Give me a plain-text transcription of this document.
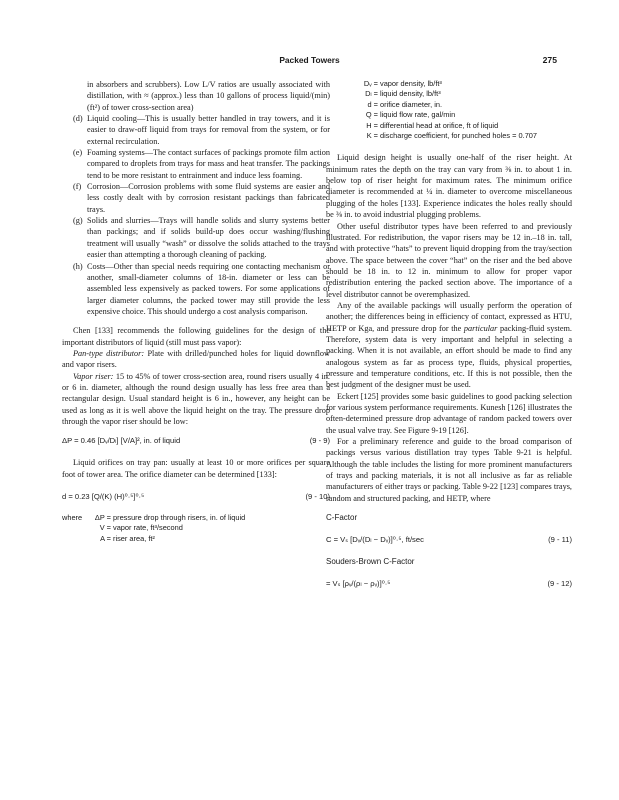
Packed Towers	275

in absorbers and scrubbers). Low L/V ratios are usually associated with distillation, with ≈ (approx.) less than 10 gallons of process liquid/(min)(ft²) of tower cross-section area)

(d) Liquid cooling—This is usually better handled in tray towers, and it is easier to draw-off liquid from trays for removal from the system, or for external recirculation.
(e) Foaming systems—The contact surfaces of packings promote film action compared to droplets from trays for mass and heat transfer. The packings tend to be more resistant to entrainment and induce less foaming.
(f) Corrosion—Corrosion problems with some fluid systems are easier and less costly dealt with by corrosion resistant packings than fabricated trays.
(g) Solids and slurries—Trays will handle solids and slurry systems better than packings; and if solids build-up does occur washing/flushing treatment will usually “wash” or dissolve the solids attached to the trays easier than attempting a thorough cleaning of packing.
(h) Costs—Other than special needs requiring one contacting mechanism or another, small-diameter columns of 18-in. diameter or less can be assembled less expensively as packed towers. For some applications of larger diameter columns, the packed tower may still provide the less expensive choice. This should undergo a cost analysis comparison.

Chen [133] recommends the following guidelines for the design of the important distributors of liquid (still must pass vapor):

Pan-type distributor: Plate with drilled/punched holes for liquid downflow and vapor risers.

Vapor riser: 15 to 45% of tower cross-section area, round risers usually 4 in. or 6 in. diameter, although the round design usually has less free area than a rectangular design. Usual standard height is 6 in., however, any height can be used as long as it is well above the liquid height on the tray. The pressure drop through the vapor riser should be low:

ΔP = 0.46 [Dᵥ/Dₗ] [V/A]², in. of liquid	(9 - 9)

Liquid orifices on tray pan: usually at least 10 or more orifices per square foot of tower area. The orifice diameter can be determined [133]:

d = 0.23 [Q/(K) (H)⁰·⁵]⁰·⁵	(9 - 10)
where	ΔP = pressure drop through risers, in. of liquid
V = vapor rate, ft³/second
A = riser area, ft²
Dᵥ = vapor density, lb/ft³
Dₗ = liquid density, lb/ft³
d = orifice diameter, in.
Q = liquid flow rate, gal/min
H = differential head at orifice, ft of liquid
K = discharge coefficient, for punched holes = 0.707

Liquid design height is usually one-half of the riser height. At minimum rates the depth on the tray can vary from ⅜ in. to about 1 in. below top of riser height for maximum rates. The minimum orifice diameter is recommended at ¼ in. diameter to overcome miscellaneous plugging of the holes [133]. Experience indicates the holes really should be ⅜ in. to avoid industrial plugging problems.

Other useful distributor types have been referred to and previously illustrated. For redistribution, the vapor risers may be 12 in.–18 in. tall, and with protective “hats” to prevent liquid dropping from the tray/section above. The space between the cover “hat” on the riser and the bed above should be 18 in. to 12 in. minimum to allow for proper vapor redistribution entering the packed section above. The importance of a level distributor cannot be overemphasized.

Any of the available packings will usually perform the operation of another; the differences being in efficiency of contact, expressed as HTU, HETP or Kga, and pressure drop for the particular packing-fluid system. Therefore, system data is very important and helpful in selecting a packing. When it is not available, an effort should be made to find any analogous system as far as process type, fluids, physical properties, pressure and temperature conditions, etc. If this is not possible, then the best judgment of the designer must be used.

Eckert [125] provides some basic guidelines to good packing selection for various system performance requirements. Kunesh [126] illustrates the often-determined pressure drop advantage of random packed towers over the usual valve tray. See Figure 9-19 [126].

For a preliminary reference and guide to the broad comparison of packings versus various distillation tray types Table 9-21 is helpful. Although the table includes the listing for more prominent manufacturers of trays and packing materials, it is not all inclusive as far as reliable manufacturers of either trays or packing. Table 9-22 [123] compares trays, random and structured packing, and HETP, where

C-Factor
C = Vₛ [Dᵥ/(Dₗ − Dᵥ)]⁰·⁵, ft/sec	(9 - 11)
Souders-Brown C-Factor
= Vₛ [ρᵥ/(ρₗ − ρᵥ)]⁰·⁵	(9 - 12)
